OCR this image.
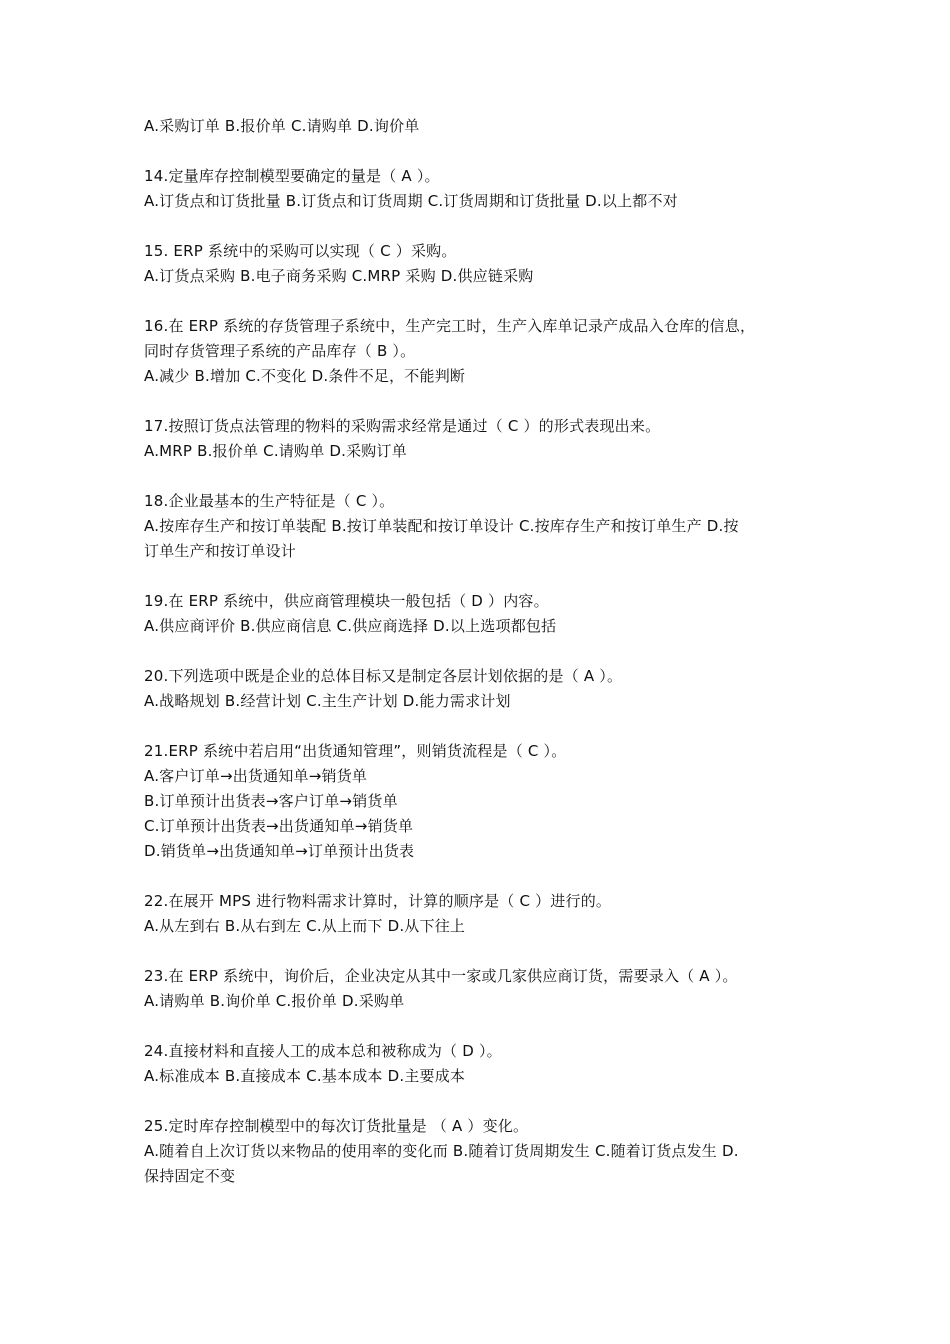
A.采购订单 B.报价单 C.请购单 D.询价单
14.定量库存控制模型要确定的量是（ A ）。
A.订货点和订货批量 B.订货点和订货周期 C.订货周期和订货批量 D.以上都不对
15. ERP 系统中的采购可以实现（ C ）采购。
A.订货点采购 B.电子商务采购 C.MRP 采购 D.供应链采购
16.在 ERP 系统的存货管理子系统中，生产完工时，生产入库单记录产成品入仓库的信息，
同时存货管理子系统的产品库存（ B ）。
A.减少 B.增加 C.不变化 D.条件不足，不能判断
17.按照订货点法管理的物料的采购需求经常是通过（ C ）的形式表现出来。
A.MRP B.报价单 C.请购单 D.采购订单
18.企业最基本的生产特征是（ C ）。
A.按库存生产和按订单装配 B.按订单装配和按订单设计 C.按库存生产和按订单生产 D.按
订单生产和按订单设计
19.在 ERP 系统中，供应商管理模块一般包括（ D ）内容。
A.供应商评价 B.供应商信息 C.供应商选择 D.以上选项都包括
20.下列选项中既是企业的总体目标又是制定各层计划依据的是（ A ）。
A.战略规划 B.经营计划 C.主生产计划 D.能力需求计划
21.ERP 系统中若启用“出货通知管理”，则销货流程是（ C ）。
A.客户订单→出货通知单→销货单
B.订单预计出货表→客户订单→销货单
C.订单预计出货表→出货通知单→销货单
D.销货单→出货通知单→订单预计出货表
22.在展开 MPS 进行物料需求计算时，计算的顺序是（ C ）进行的。
A.从左到右 B.从右到左 C.从上而下 D.从下往上
23.在 ERP 系统中，询价后，企业决定从其中一家或几家供应商订货，需要录入（ A ）。
A.请购单 B.询价单 C.报价单 D.采购单
24.直接材料和直接人工的成本总和被称成为（ D ）。
A.标准成本 B.直接成本 C.基本成本 D.主要成本
25.定时库存控制模型中的每次订货批量是 （ A ）变化。
A.随着自上次订货以来物品的使用率的变化而 B.随着订货周期发生 C.随着订货点发生 D.
保持固定不变
